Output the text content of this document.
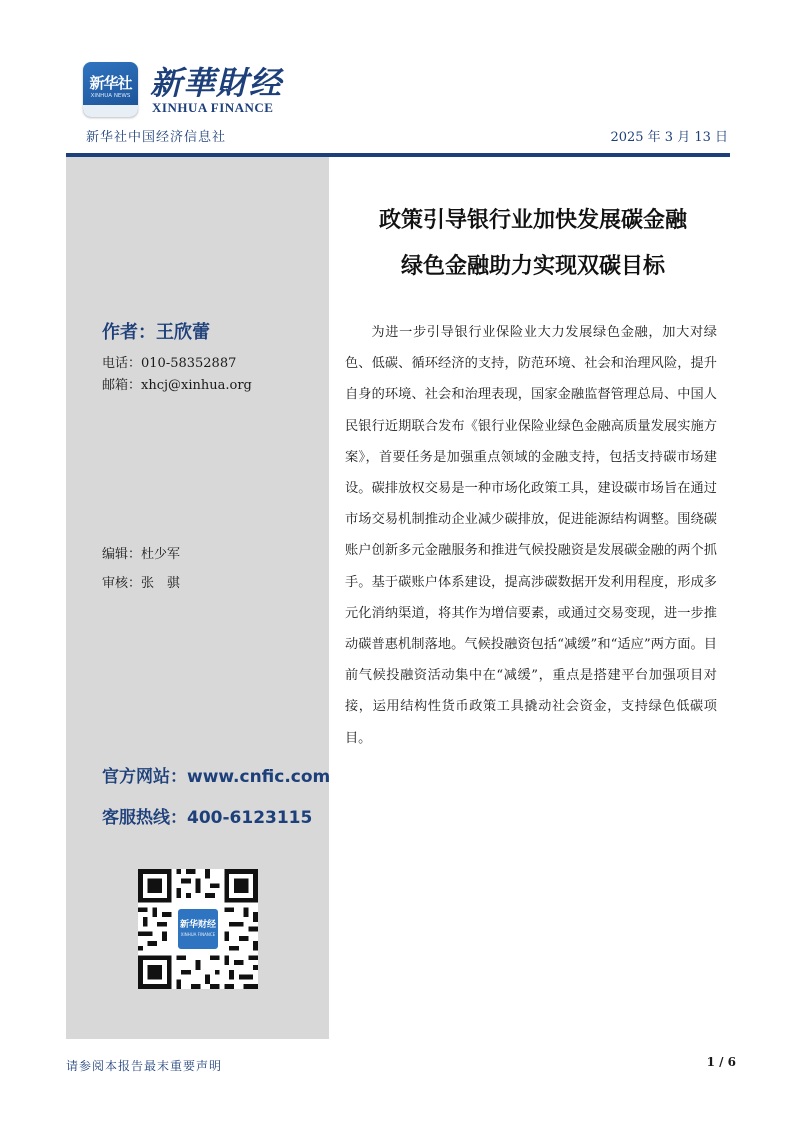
新华社
XINHUA NEWS 新華財经
XINHUA FINANCE
新华社中国经济信息社	2025 年 3 月 13 日
作者：王欣蕾
电话：010-58352887
邮箱：xhcj@xinhua.org
编辑：杜少军
审核：张　骐
官方网站：www.cnfic.com
客服热线：400-6123115
新华财经
XINHUA FINANCE
政策引导银行业加快发展碳金融
绿色金融助力实现双碳目标

为进一步引导银行业保险业大力发展绿色金融，加大对绿色、低碳、循环经济的支持，防范环境、社会和治理风险，提升自身的环境、社会和治理表现，国家金融监督管理总局、中国人民银行近期联合发布《银行业保险业绿色金融高质量发展实施方案》，首要任务是加强重点领域的金融支持，包括支持碳市场建设。碳排放权交易是一种市场化政策工具，建设碳市场旨在通过市场交易机制推动企业减少碳排放，促进能源结构调整。围绕碳账户创新多元金融服务和推进气候投融资是发展碳金融的两个抓手。基于碳账户体系建设，提高涉碳数据开发利用程度，形成多元化消纳渠道，将其作为增信要素，或通过交易变现，进一步推动碳普惠机制落地。气候投融资包括“减缓”和“适应”两方面。目前气候投融资活动集中在“减缓”，重点是搭建平台加强项目对接，运用结构性货币政策工具撬动社会资金，支持绿色低碳项目。

请参阅本报告最末重要声明	1 / 6
